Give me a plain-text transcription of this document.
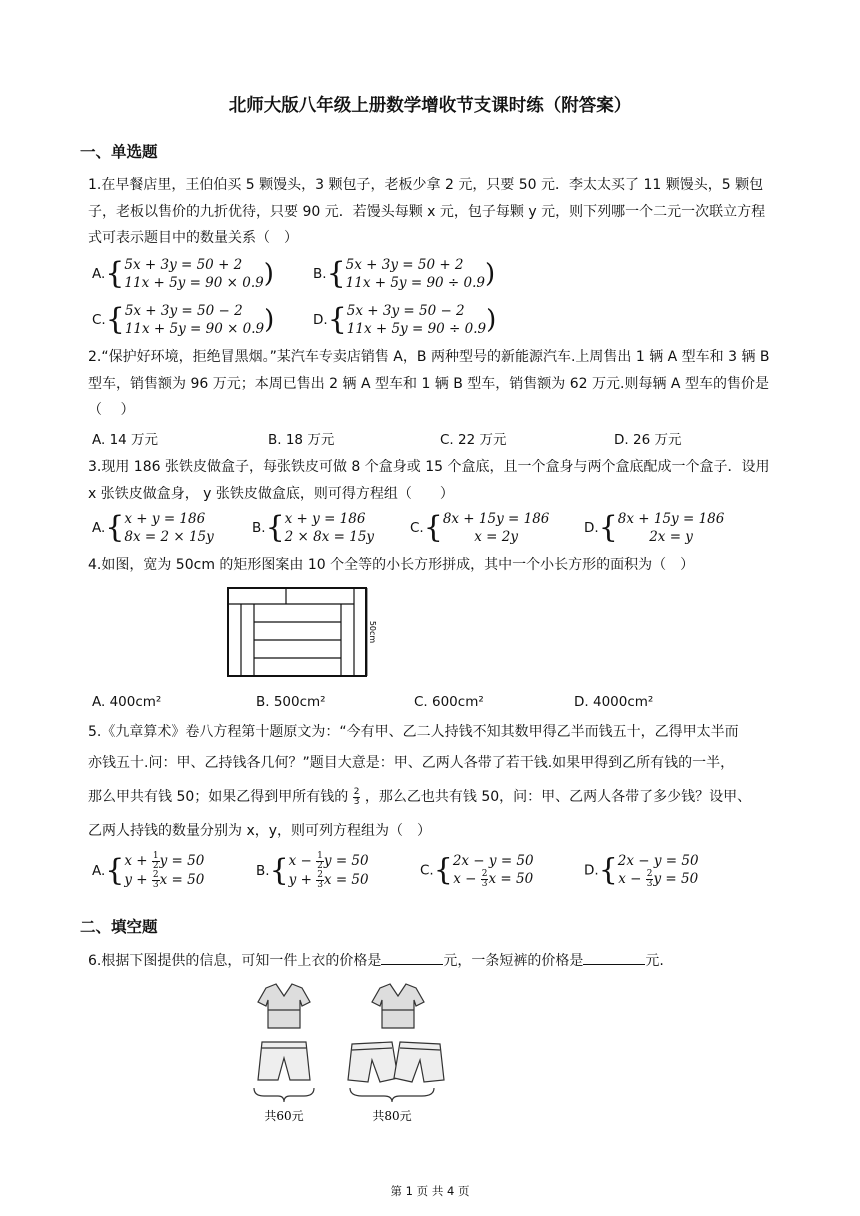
北师大版八年级上册数学增收节支课时练（附答案）
一、单选题
1.在早餐店里，王伯伯买 5 颗馒头，3 颗包子，老板少拿 2 元，只要 50 元．李太太买了 11 颗馒头，5 颗包子，老板以售价的九折优待，只要 90 元．若馒头每颗 x 元，包子每颗 y 元，则下列哪一个二元一次联立方程式可表示题目中的数量关系（　）
A.{5x + 3y = 50 + 2
11x + 5y = 90 × 0.9)	B.{5x + 3y = 50 + 2
11x + 5y = 90 ÷ 0.9)
C.{5x + 3y = 50 − 2
11x + 5y = 90 × 0.9)	D.{5x + 3y = 50 − 2
11x + 5y = 90 ÷ 0.9)
2.“保护好环境，拒绝冒黑烟。”某汽车专卖店销售 A，B 两种型号的新能源汽车.上周售出 1 辆 A 型车和 3 辆 B 型车，销售额为 96 万元；本周已售出 2 辆 A 型车和 1 辆 B 型车，销售额为 62 万元.则每辆 A 型车的售价是（　 ）
A. 14 万元	B. 18 万元	C. 22 万元	D. 26 万元
3.现用 186 张铁皮做盒子，每张铁皮可做 8 个盒身或 15 个盒底，且一个盒身与两个盒底配成一个盒子．设用 x 张铁皮做盒身， y 张铁皮做盒底，则可得方程组（　　）
A.{x + y = 186
8x = 2 × 15y
B.{x + y = 186
2 × 8x = 15y
C.{8x + 15y = 186
x = 2y
D.{8x + 15y = 186
2x = y
4.如图，宽为 50cm 的矩形图案由 10 个全等的小长方形拼成，其中一个小长方形的面积为（　）
50cm
A. 400cm²	B. 500cm²	C. 600cm²	D. 4000cm²
5.《九章算术》卷八方程第十题原文为：“今有甲、乙二人持钱不知其数甲得乙半而钱五十，乙得甲太半而
亦钱五十.问：甲、乙持钱各几何？”题目大意是：甲、乙两人各带了若干钱.如果甲得到乙所有钱的一半，
那么甲共有钱 50；如果乙得到甲所有钱的 $\frac{2}{3}$ ，那么乙也共有钱 50，问：甲、乙两人各带了多少钱？设甲、
乙两人持钱的数量分别为 x，y，则可列方程组为（　）
$A.\{x + \frac{1}{2}$ y = 50
$y + \frac{2}{3}$ x = 50
$B.\{x - \frac{1}{2}$ y = 50
$y + \frac{2}{3}$ x = 50
C.{2x − y = 50
$x - \frac{2}{3}$ x = 50
D.{2x − y = 50
$x - \frac{2}{3}$ y = 50
二、填空题
6.根据下图提供的信息，可知一件上衣的价格是	元，一条短裤的价格是	元.
共60元	共80元
第 1 页 共 4 页
